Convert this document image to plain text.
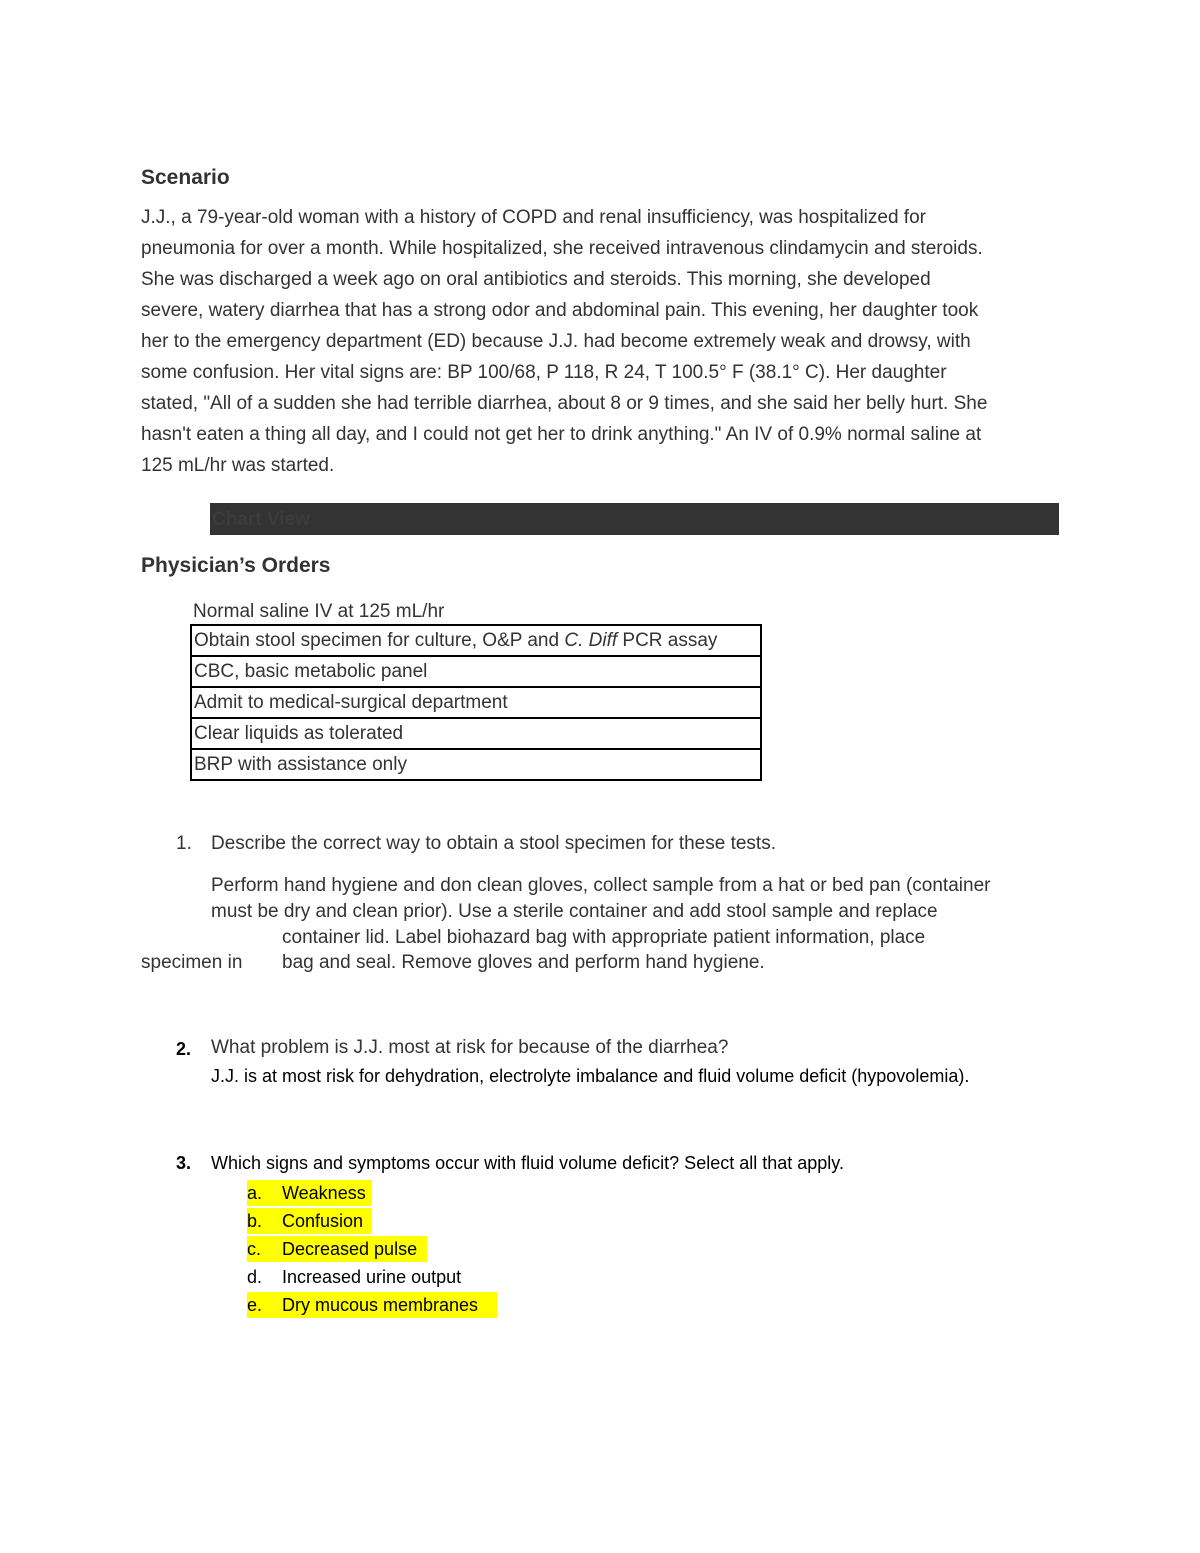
Scenario
J.J., a 79-year-old woman with a history of COPD and renal insufficiency, was hospitalized for
pneumonia for over a month. While hospitalized, she received intravenous clindamycin and steroids.
She was discharged a week ago on oral antibiotics and steroids. This morning, she developed
severe, watery diarrhea that has a strong odor and abdominal pain. This evening, her daughter took
her to the emergency department (ED) because J.J. had become extremely weak and drowsy, with
some confusion. Her vital signs are: BP 100/68, P 118, R 24, T 100.5° F (38.1° C). Her daughter
stated, "All of a sudden she had terrible diarrhea, about 8 or 9 times, and she said her belly hurt. She
hasn't eaten a thing all day, and I could not get her to drink anything." An IV of 0.9% normal saline at
125 mL/hr was started.
Chart View
Physician’s Orders
Normal saline IV at 125 mL/hr
Obtain stool specimen for culture, O&P and C. Diff PCR assay
CBC, basic metabolic panel
Admit to medical-surgical department
Clear liquids as tolerated
BRP with assistance only
1. Describe the correct way to obtain a stool specimen for these tests.
Perform hand hygiene and don clean gloves, collect sample from a hat or bed pan (container
must be dry and clean prior). Use a sterile container and add stool sample and replace
container lid. Label biohazard bag with appropriate patient information, place
specimen in bag and seal. Remove gloves and perform hand hygiene.
2. What problem is J.J. most at risk for because of the diarrhea?
J.J. is at most risk for dehydration, electrolyte imbalance and fluid volume deficit (hypovolemia).
3. Which signs and symptoms occur with fluid volume deficit? Select all that apply.
a. Weakness
b. Confusion
c. Decreased pulse
d. Increased urine output
e. Dry mucous membranes
